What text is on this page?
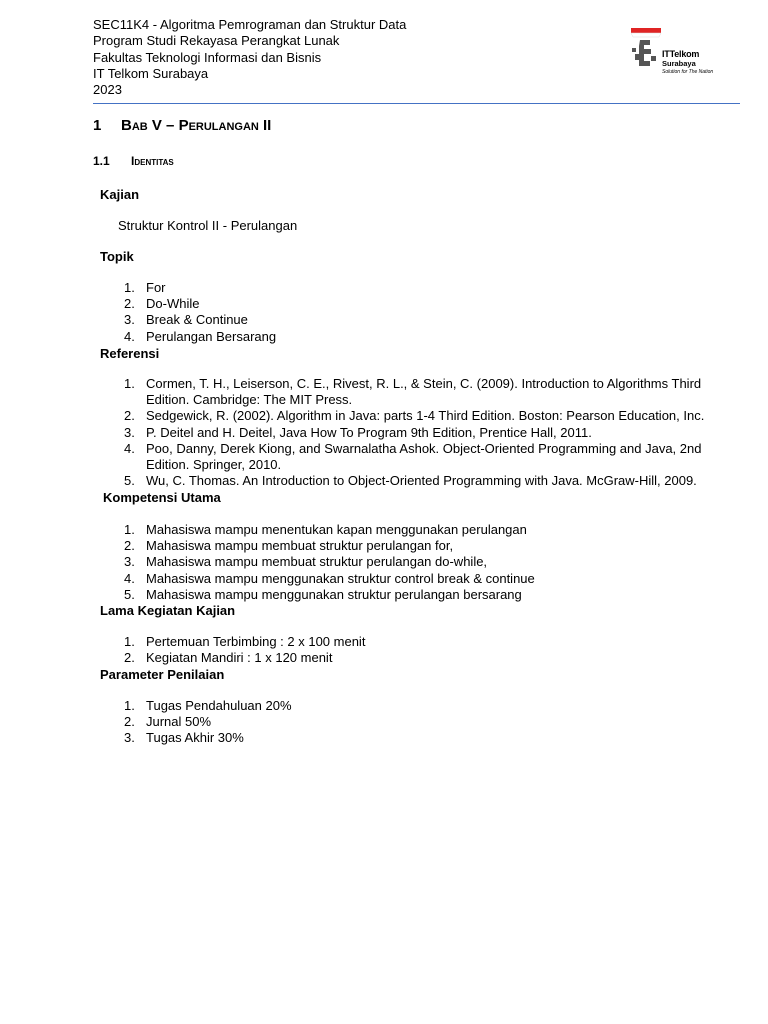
SEC11K4 - Algoritma Pemrograman dan Struktur Data
Program Studi Rekayasa Perangkat Lunak
Fakultas Teknologi Informasi dan Bisnis
IT Telkom Surabaya
2023
ITTelkom
Surabaya
Solution for The Nation
1 Bab V – Perulangan II
1.1 Identitas
Kajian
Struktur Kontrol II - Perulangan
Topik
1. For
2. Do-While
3. Break & Continue
4. Perulangan Bersarang
Referensi
1. Cormen, T. H., Leiserson, C. E., Rivest, R. L., & Stein, C. (2009). Introduction to Algorithms Third Edition. Cambridge: The MIT Press.
2. Sedgewick, R. (2002). Algorithm in Java: parts 1-4 Third Edition. Boston: Pearson Education, Inc.
3. P. Deitel and H. Deitel, Java How To Program 9th Edition, Prentice Hall, 2011.
4. Poo, Danny, Derek Kiong, and Swarnalatha Ashok. Object-Oriented Programming and Java, 2nd Edition. Springer, 2010.
5. Wu, C. Thomas. An Introduction to Object-Oriented Programming with Java. McGraw-Hill, 2009.
Kompetensi Utama
1. Mahasiswa mampu menentukan kapan menggunakan perulangan
2. Mahasiswa mampu membuat struktur perulangan for,
3. Mahasiswa mampu membuat struktur perulangan do-while,
4. Mahasiswa mampu menggunakan struktur control break & continue
5. Mahasiswa mampu menggunakan struktur perulangan bersarang
Lama Kegiatan Kajian
1. Pertemuan Terbimbing : 2 x 100 menit
2. Kegiatan Mandiri : 1 x 120 menit
Parameter Penilaian
1. Tugas Pendahuluan 20%
2. Jurnal 50%
3. Tugas Akhir 30%
